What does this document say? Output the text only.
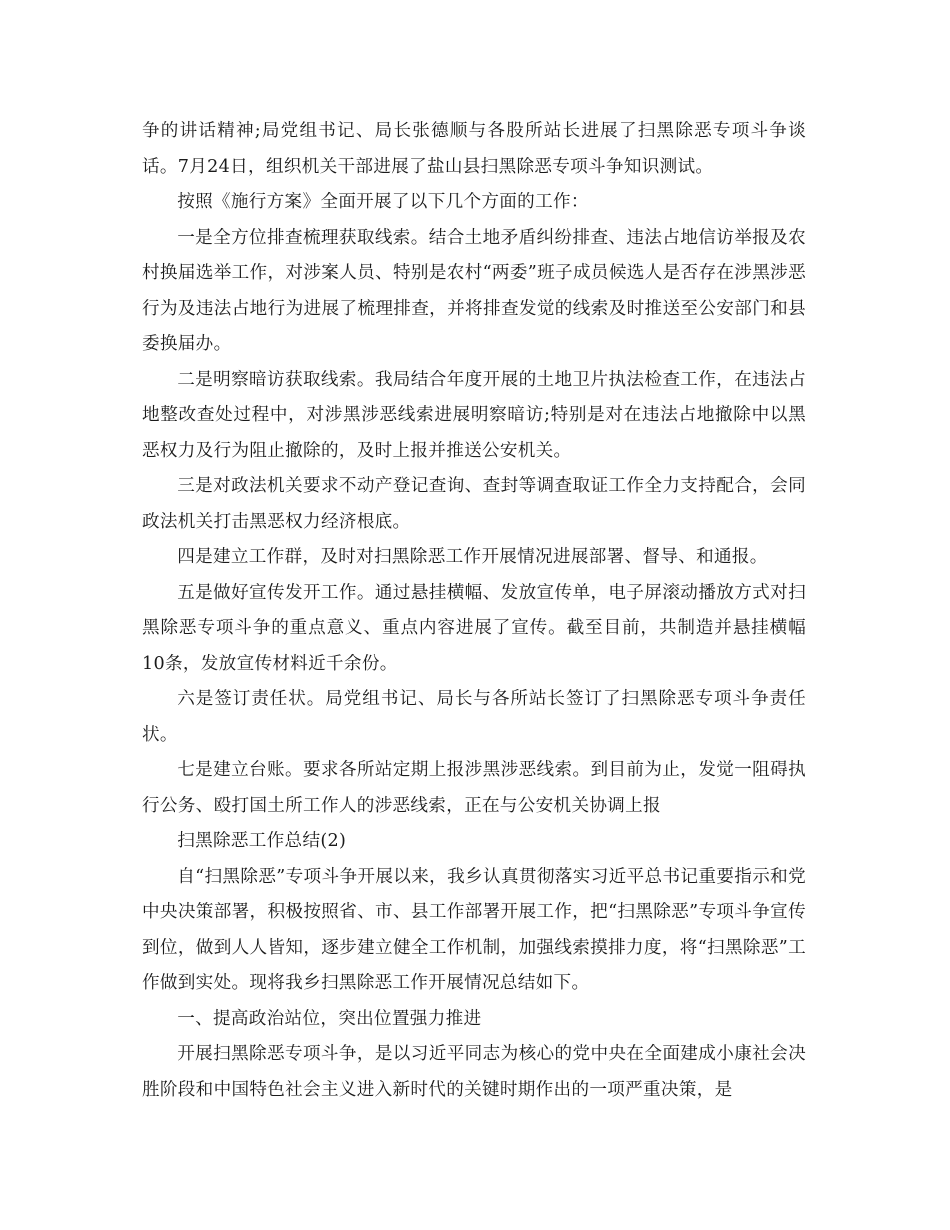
争的讲话精神;局党组书记、局长张德顺与各股所站长进展了扫黑除恶专项斗争谈话。7月24日，组织机关干部进展了盐山县扫黑除恶专项斗争知识测试。

按照《施行方案》全面开展了以下几个方面的工作：

一是全方位排查梳理获取线索。结合土地矛盾纠纷排查、违法占地信访举报及农村换届选举工作，对涉案人员、特别是农村“两委”班子成员候选人是否存在涉黑涉恶行为及违法占地行为进展了梳理排查，并将排查发觉的线索及时推送至公安部门和县委换届办。

二是明察暗访获取线索。我局结合年度开展的土地卫片执法检查工作，在违法占地整改查处过程中，对涉黑涉恶线索进展明察暗访;特别是对在违法占地撤除中以黑恶权力及行为阻止撤除的，及时上报并推送公安机关。

三是对政法机关要求不动产登记查询、查封等调查取证工作全力支持配合，会同政法机关打击黑恶权力经济根底。

四是建立工作群，及时对扫黑除恶工作开展情况进展部署、督导、和通报。

五是做好宣传发开工作。通过悬挂横幅、发放宣传单，电子屏滚动播放方式对扫黑除恶专项斗争的重点意义、重点内容进展了宣传。截至目前，共制造并悬挂横幅10条，发放宣传材料近千余份。

六是签订责任状。局党组书记、局长与各所站长签订了扫黑除恶专项斗争责任状。

七是建立台账。要求各所站定期上报涉黑涉恶线索。到目前为止，发觉一阻碍执行公务、殴打国土所工作人的涉恶线索，正在与公安机关协调上报

扫黑除恶工作总结(2)

自“扫黑除恶”专项斗争开展以来，我乡认真贯彻落实习近平总书记重要指示和党中央决策部署，积极按照省、市、县工作部署开展工作，把“扫黑除恶”专项斗争宣传到位，做到人人皆知，逐步建立健全工作机制，加强线索摸排力度，将“扫黑除恶”工作做到实处。现将我乡扫黑除恶工作开展情况总结如下。

一、提高政治站位，突出位置强力推进

开展扫黑除恶专项斗争，是以习近平同志为核心的党中央在全面建成小康社会决胜阶段和中国特色社会主义进入新时代的关键时期作出的一项严重决策，是
